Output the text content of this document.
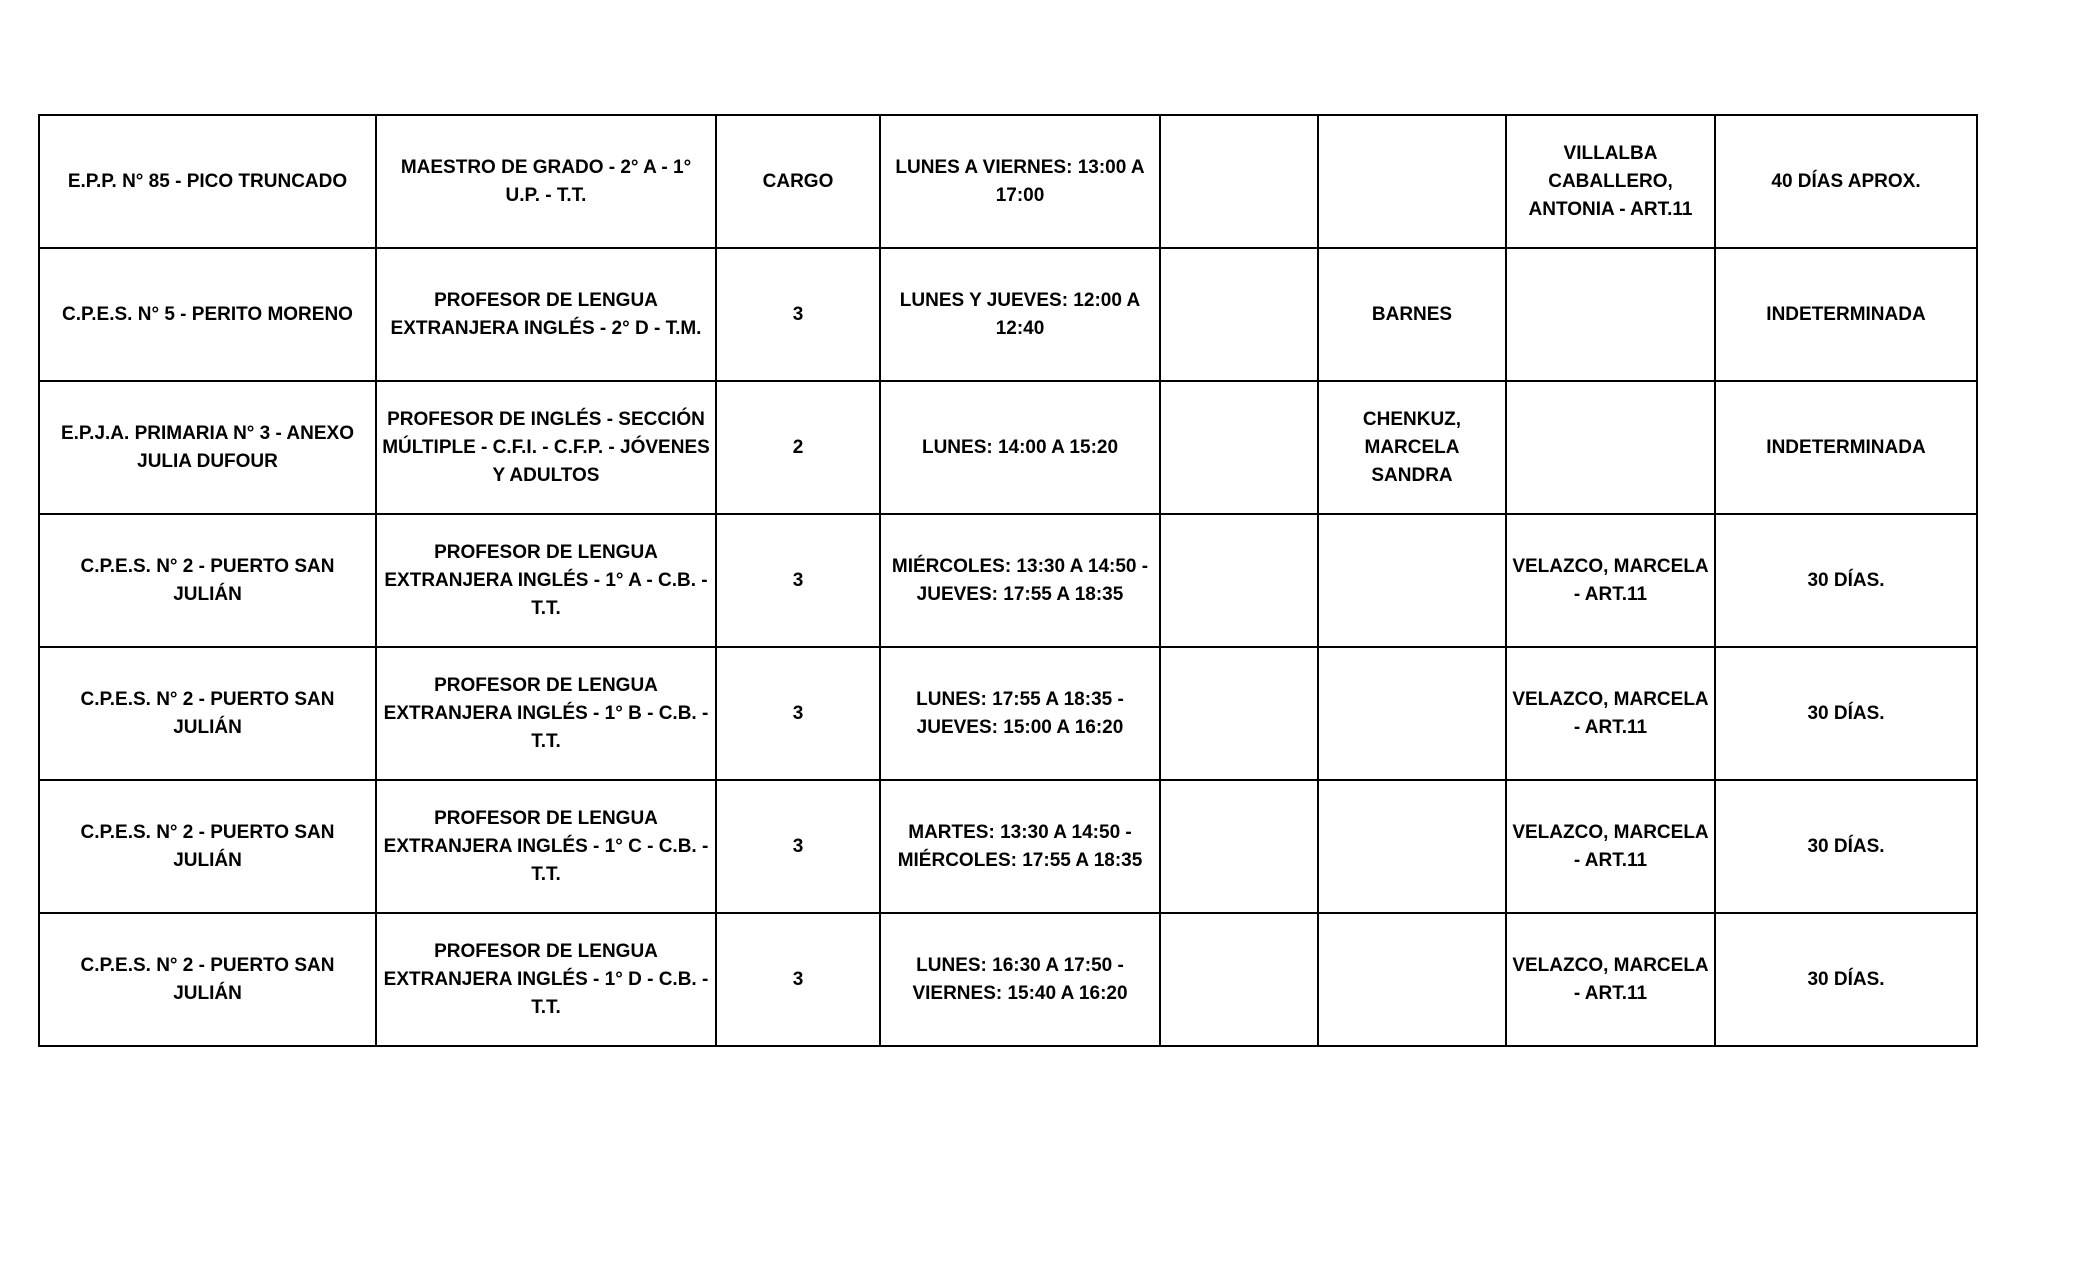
E.P.P. N° 85 - PICO TRUNCADO	MAESTRO DE GRADO - 2° A - 1° U.P. - T.T.	CARGO	LUNES A VIERNES: 13:00 A 17:00			VILLALBA CABALLERO, ANTONIA - ART.11	40 DÍAS APROX.
C.P.E.S. N° 5 - PERITO MORENO	PROFESOR DE LENGUA EXTRANJERA INGLÉS - 2° D - T.M.	3	LUNES Y JUEVES: 12:00 A 12:40		BARNES		INDETERMINADA
E.P.J.A. PRIMARIA N° 3 - ANEXO JULIA DUFOUR	PROFESOR DE INGLÉS - SECCIÓN MÚLTIPLE - C.F.I. - C.F.P. - JÓVENES Y ADULTOS	2	LUNES: 14:00 A 15:20		CHENKUZ, MARCELA SANDRA		INDETERMINADA
C.P.E.S. N° 2 - PUERTO SAN JULIÁN	PROFESOR DE LENGUA EXTRANJERA INGLÉS - 1° A - C.B. - T.T.	3	MIÉRCOLES: 13:30 A 14:50 - JUEVES: 17:55 A 18:35			VELAZCO, MARCELA - ART.11	30 DÍAS.
C.P.E.S. N° 2 - PUERTO SAN JULIÁN	PROFESOR DE LENGUA EXTRANJERA INGLÉS - 1° B - C.B. - T.T.	3	LUNES: 17:55 A 18:35 - JUEVES: 15:00 A 16:20			VELAZCO, MARCELA - ART.11	30 DÍAS.
C.P.E.S. N° 2 - PUERTO SAN JULIÁN	PROFESOR DE LENGUA EXTRANJERA INGLÉS - 1° C - C.B. - T.T.	3	MARTES: 13:30 A 14:50 - MIÉRCOLES: 17:55 A 18:35			VELAZCO, MARCELA - ART.11	30 DÍAS.
C.P.E.S. N° 2 - PUERTO SAN JULIÁN	PROFESOR DE LENGUA EXTRANJERA INGLÉS - 1° D - C.B. - T.T.	3	LUNES: 16:30 A 17:50 - VIERNES: 15:40 A 16:20			VELAZCO, MARCELA - ART.11	30 DÍAS.
